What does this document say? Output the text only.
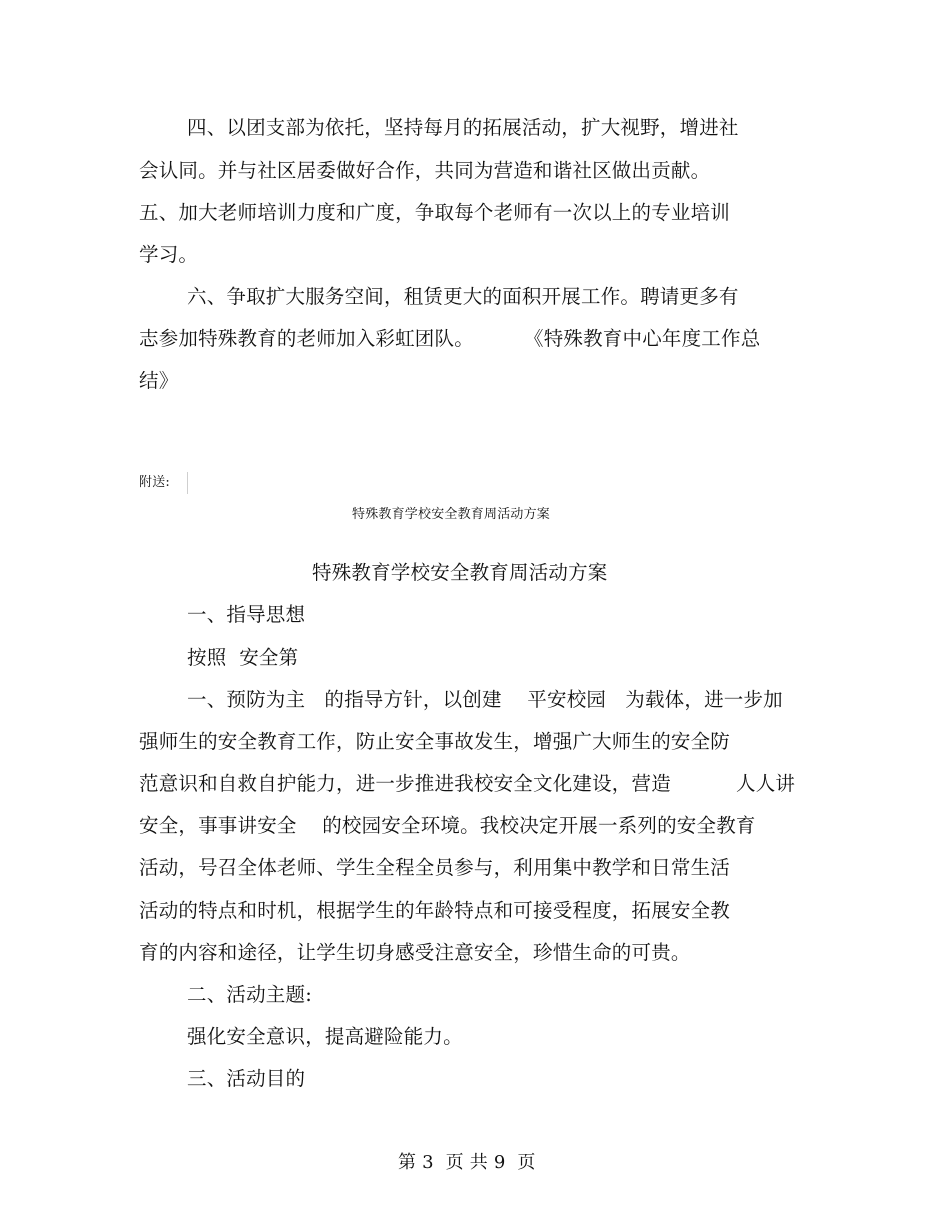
四、以团支部为依托，坚持每月的拓展活动，扩大视野，增进社
会认同。并与社区居委做好合作，共同为营造和谐社区做出贡献。
五、加大老师培训力度和广度，争取每个老师有一次以上的专业培训
学习。
六、争取扩大服务空间，租赁更大的面积开展工作。聘请更多有
志参加特殊教育的老师加入彩虹团队。	《特殊教育中心年度工作总
结》
附送:
特殊教育学校安全教育周活动方案
特殊教育学校安全教育周活动方案
一、指导思想
按照  安全第
一、预防为主   的指导方针，以创建    平安校园   为载体，进一步加
强师生的安全教育工作，防止安全事故发生，增强广大师生的安全防
范意识和自救自护能力，进一步推进我校安全文化建设，营造	人人讲
安全，事事讲安全    的校园安全环境。我校决定开展一系列的安全教育
活动，号召全体老师、学生全程全员参与，利用集中教学和日常生活
活动的特点和时机，根据学生的年龄特点和可接受程度，拓展安全教
育的内容和途径，让学生切身感受注意安全，珍惜生命的可贵。
二、活动主题:
强化安全意识，提高避险能力。
三、活动目的
第 3  页 共 9  页
